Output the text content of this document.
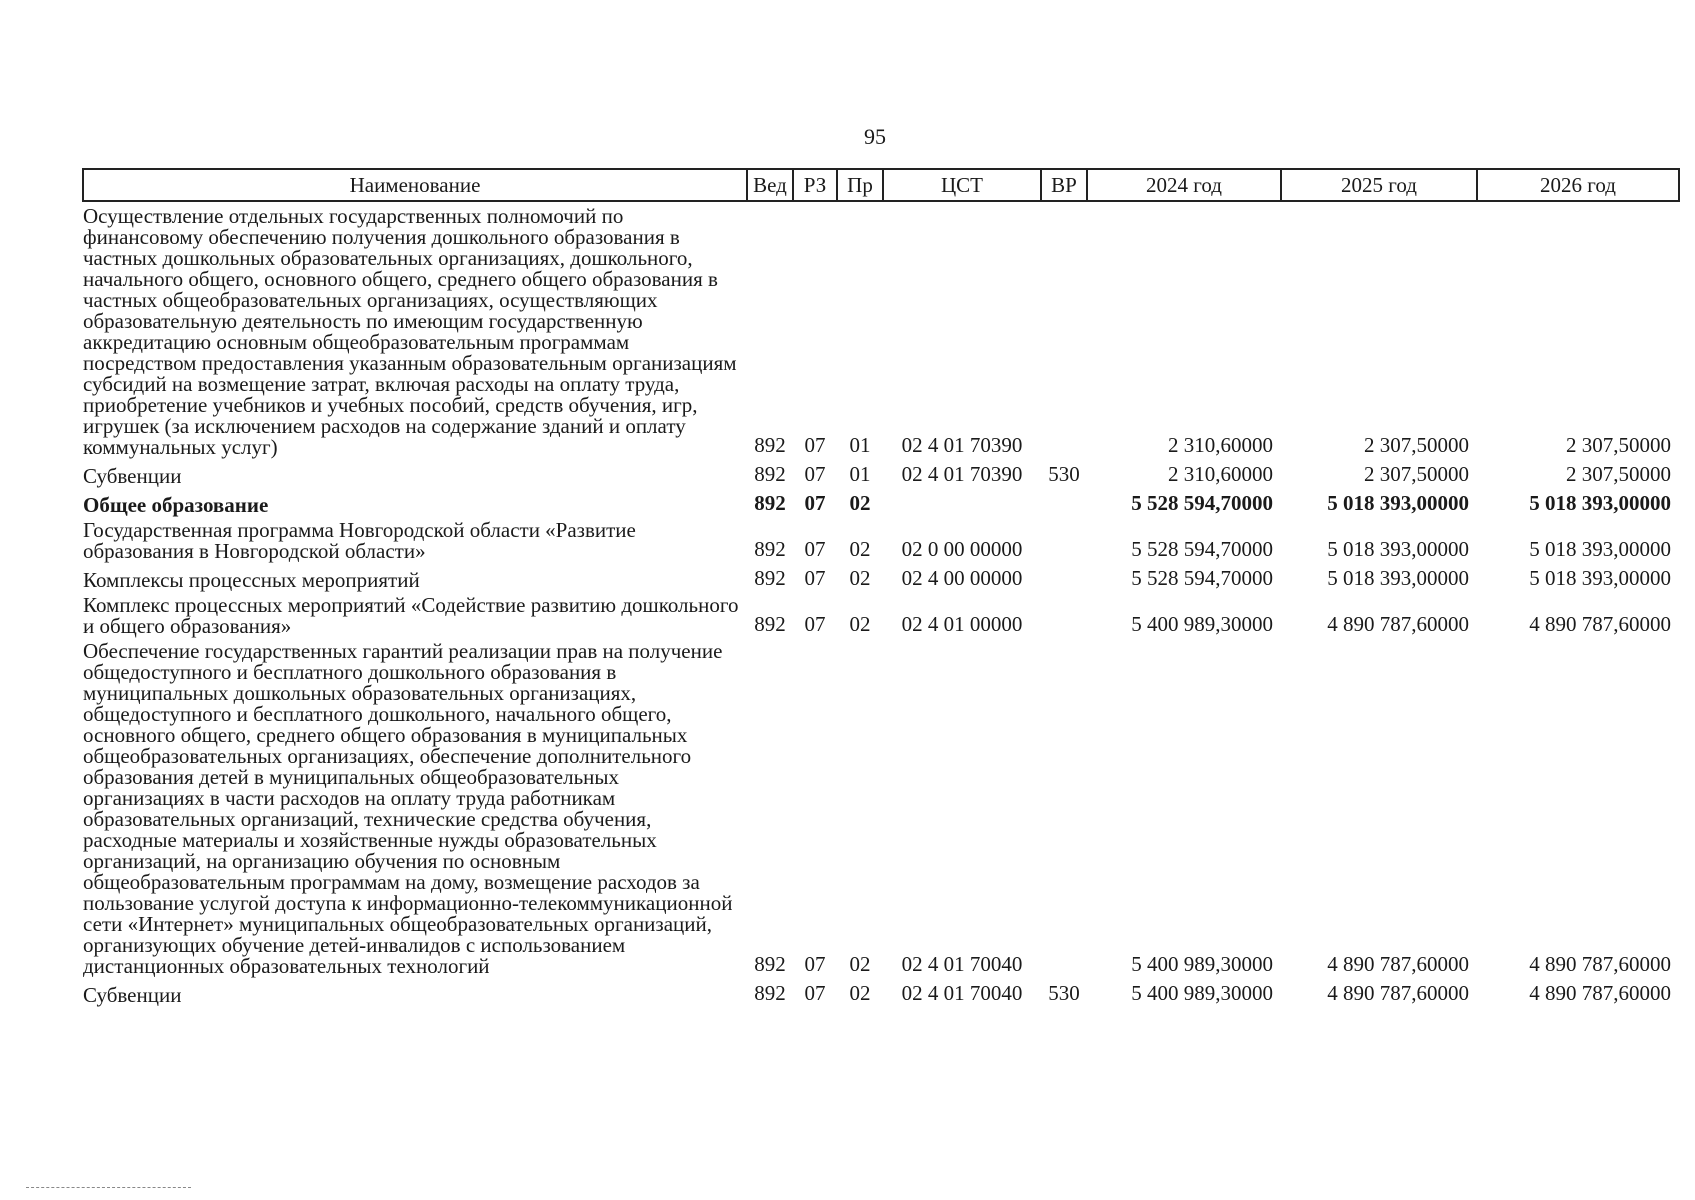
95
Наименование	Вед	РЗ	Пр	ЦСТ	ВР	2024 год	2025 год	2026 год
Осуществление отдельных государственных полномочий по финансовому обеспечению получения дошкольного образования в частных дошкольных образовательных организациях, дошкольного, начального общего, основного общего, среднего общего образования в частных общеобразовательных организациях, осуществляющих образовательную деятельность по имеющим государственную аккредитацию основным общеобразовательным программам посредством предоставления указанным образовательным организациям субсидий на возмещение затрат, включая расходы на оплату труда, приобретение учебников и учебных пособий, средств обучения, игр, игрушек (за исключением расходов на содержание зданий и оплату коммунальных услуг)	892	07	01	02 4 01 70390		2 310,60000	2 307,50000	2 307,50000
Субвенции	892	07	01	02 4 01 70390	530	2 310,60000	2 307,50000	2 307,50000
Общее образование	892	07	02			5 528 594,70000	5 018 393,00000	5 018 393,00000
Государственная программа Новгородской области «Развитие образования в Новгородской области»	892	07	02	02 0 00 00000		5 528 594,70000	5 018 393,00000	5 018 393,00000
Комплексы процессных мероприятий	892	07	02	02 4 00 00000		5 528 594,70000	5 018 393,00000	5 018 393,00000
Комплекс процессных мероприятий «Содействие развитию дошкольного и общего образования»	892	07	02	02 4 01 00000		5 400 989,30000	4 890 787,60000	4 890 787,60000
Обеспечение государственных гарантий реализации прав на получение общедоступного и бесплатного дошкольного образования в муниципальных дошкольных образовательных организациях, общедоступного и бесплатного дошкольного, начального общего, основного общего, среднего общего образования в муниципальных общеобразовательных организациях, обеспечение дополнительного образования детей в муниципальных общеобразовательных организациях в части расходов на оплату труда работникам образовательных организаций, технические средства обучения, расходные материалы и хозяйственные нужды образовательных организаций, на организацию обучения по основным общеобразовательным программам на дому, возмещение расходов за пользование услугой доступа к информационно-телекоммуникационной сети «Интернет» муниципальных общеобразовательных организаций, организующих обучение детей-инвалидов с использованием дистанционных образовательных технологий	892	07	02	02 4 01 70040		5 400 989,30000	4 890 787,60000	4 890 787,60000
Субвенции	892	07	02	02 4 01 70040	530	5 400 989,30000	4 890 787,60000	4 890 787,60000
